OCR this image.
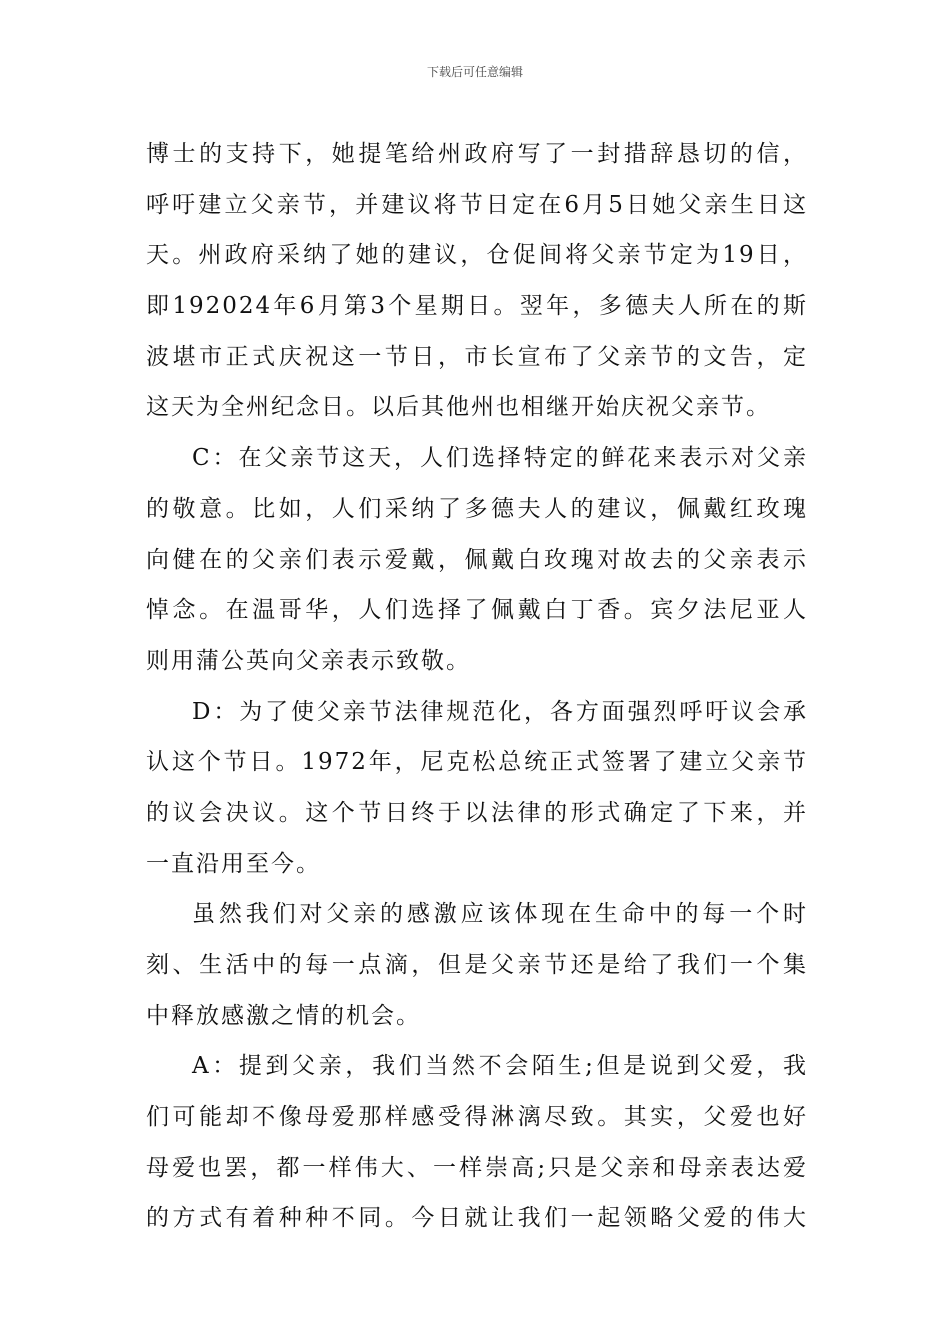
下载后可任意编辑
博士的支持下，她提笔给州政府写了一封措辞恳切的信，
呼吁建立父亲节，并建议将节日定在6月5日她父亲生日这
天。州政府采纳了她的建议，仓促间将父亲节定为19日，
即192024年6月第3个星期日。翌年，多德夫人所在的斯
波堪市正式庆祝这一节日，市长宣布了父亲节的文告，定
这天为全州纪念日。以后其他州也相继开始庆祝父亲节。
C：在父亲节这天，人们选择特定的鲜花来表示对父亲
的敬意。比如，人们采纳了多德夫人的建议，佩戴红玫瑰
向健在的父亲们表示爱戴，佩戴白玫瑰对故去的父亲表示
悼念。在温哥华，人们选择了佩戴白丁香。宾夕法尼亚人
则用蒲公英向父亲表示致敬。
D：为了使父亲节法律规范化，各方面强烈呼吁议会承
认这个节日。1972年，尼克松总统正式签署了建立父亲节
的议会决议。这个节日终于以法律的形式确定了下来，并
一直沿用至今。
虽然我们对父亲的感激应该体现在生命中的每一个时
刻、生活中的每一点滴，但是父亲节还是给了我们一个集
中释放感激之情的机会。
A：提到父亲，我们当然不会陌生;但是说到父爱，我
们可能却不像母爱那样感受得淋漓尽致。其实，父爱也好
母爱也罢，都一样伟大、一样崇高;只是父亲和母亲表达爱
的方式有着种种不同。今日就让我们一起领略父爱的伟大
